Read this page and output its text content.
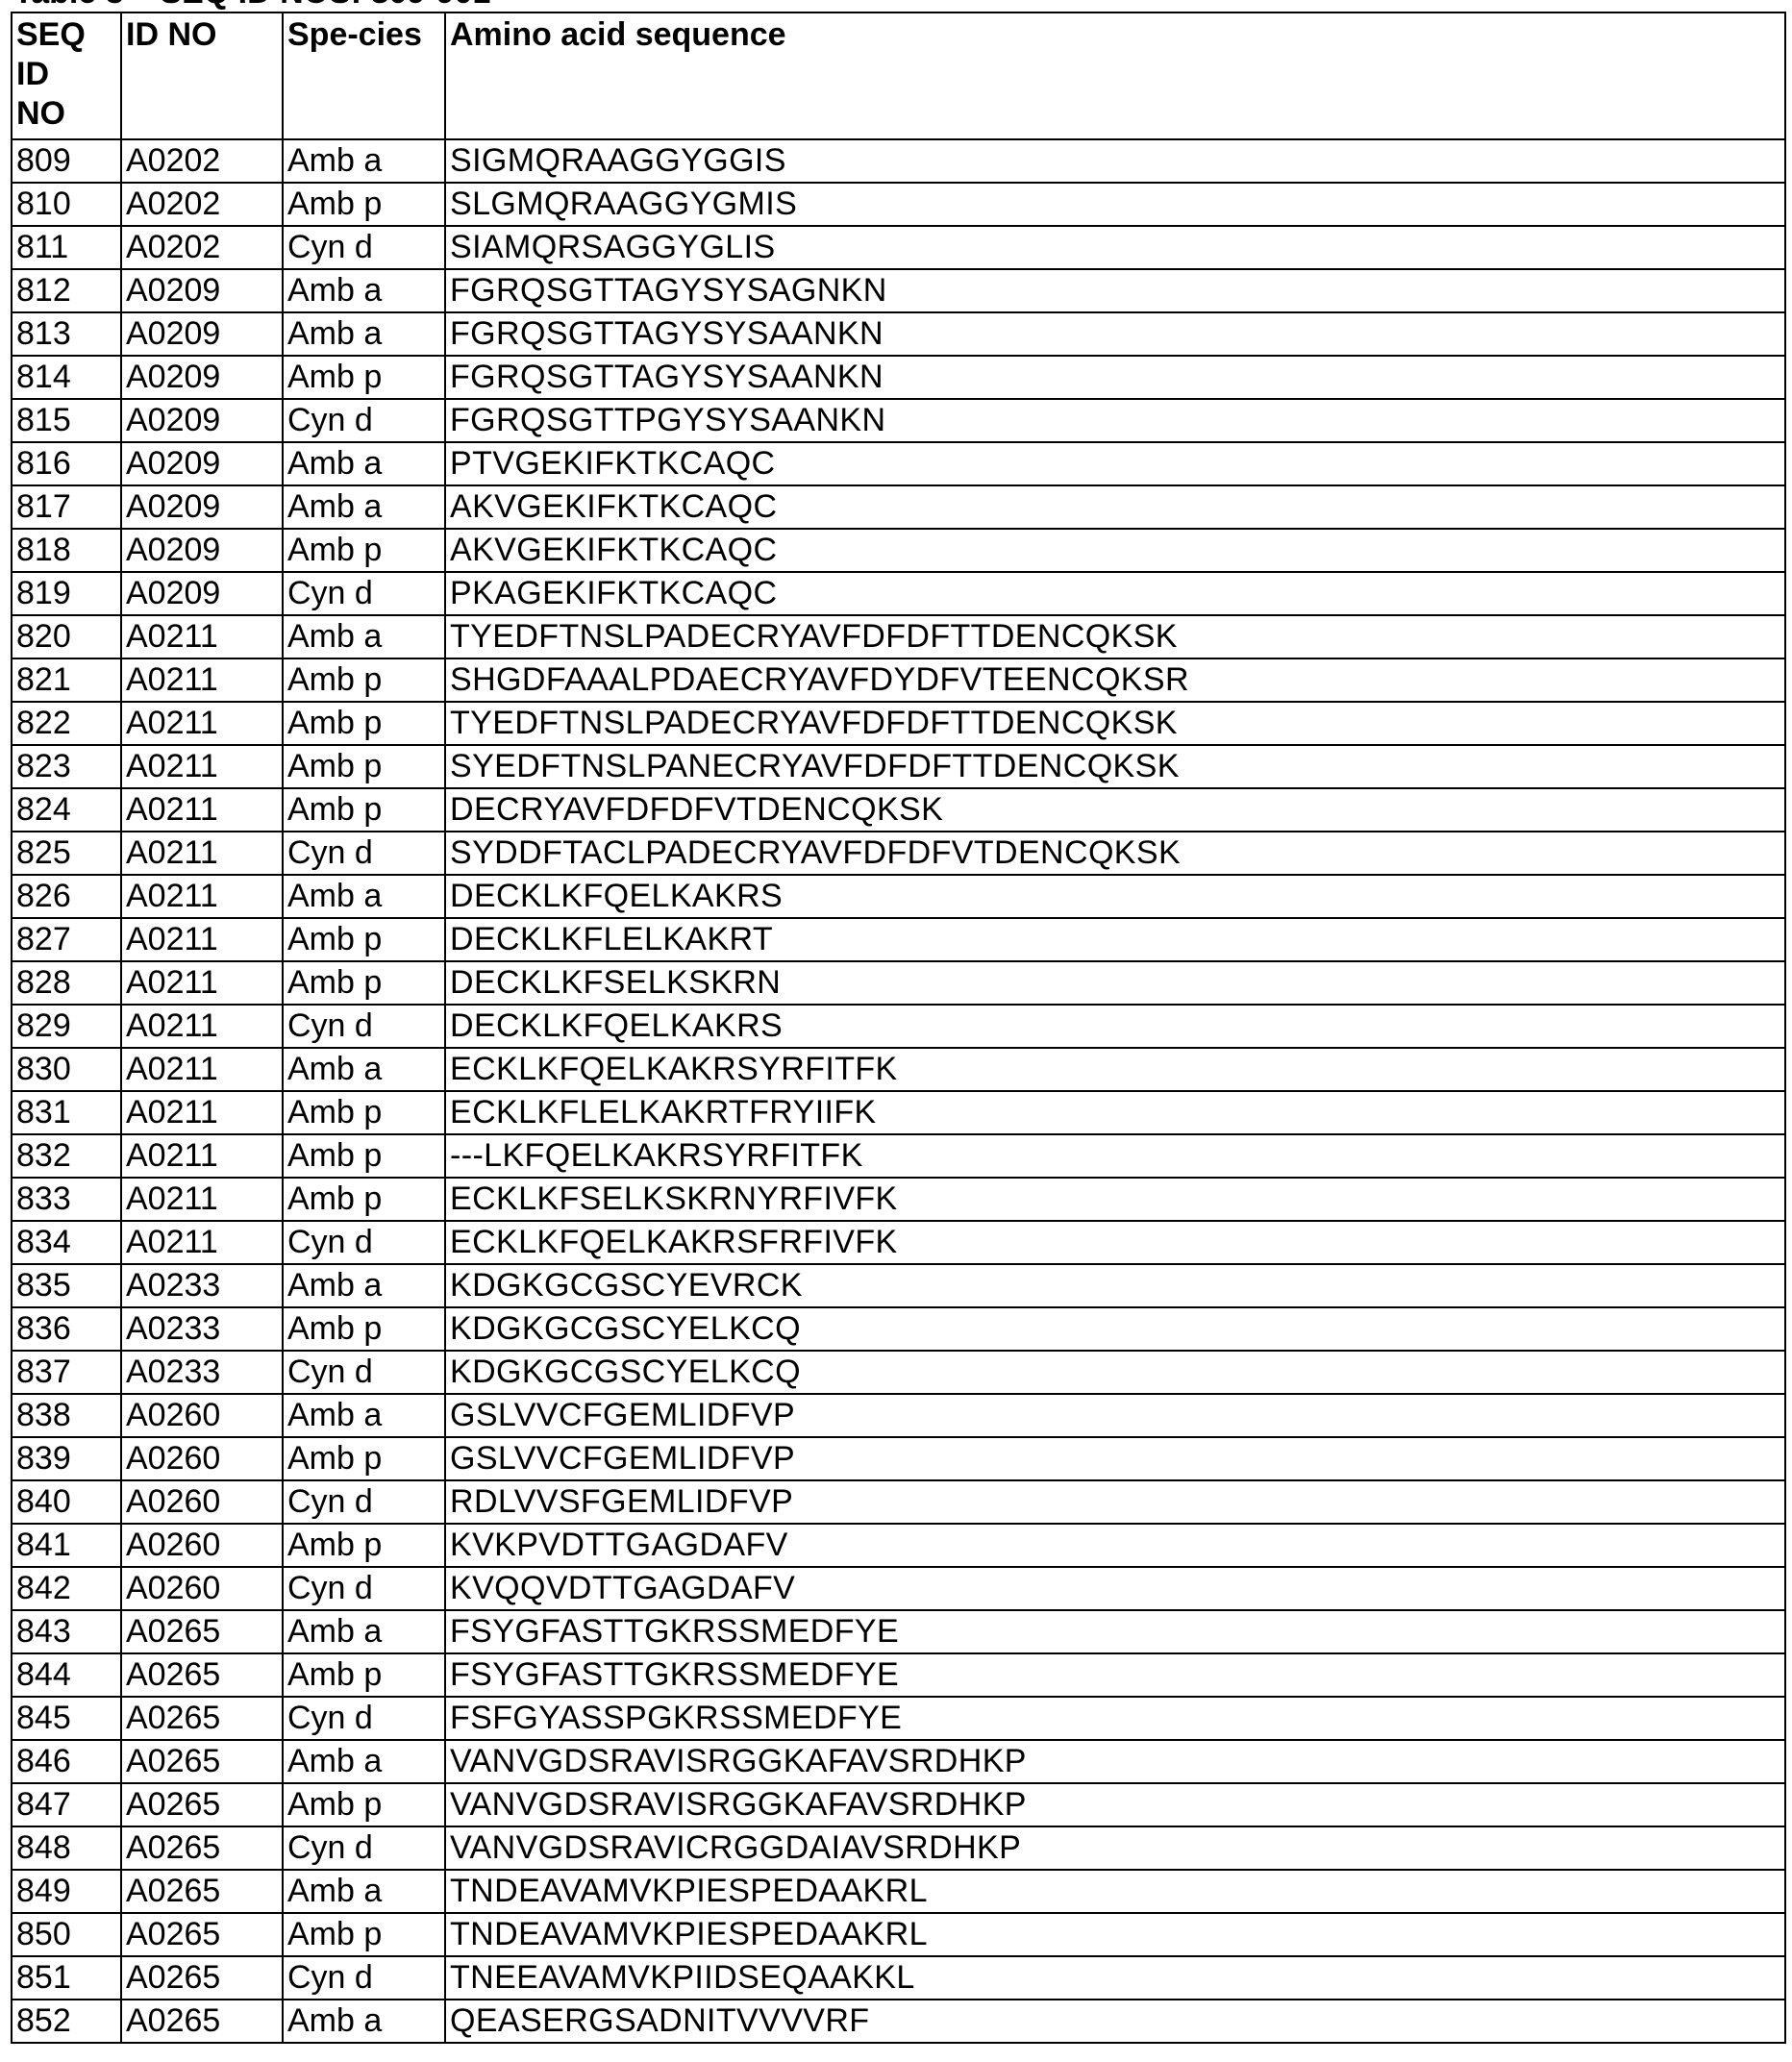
SEQ
ID
NO
	ID NO	Spe-cies	Amino acid sequence
809	A0202	Amb a	SIGMQRAAGGYGGIS
810	A0202	Amb p	SLGMQRAAGGYGMIS
811	A0202	Cyn d	SIAMQRSAGGYGLIS
812	A0209	Amb a	FGRQSGTTAGYSYSAGNKN
813	A0209	Amb a	FGRQSGTTAGYSYSAANKN
814	A0209	Amb p	FGRQSGTTAGYSYSAANKN
815	A0209	Cyn d	FGRQSGTTPGYSYSAANKN
816	A0209	Amb a	PTVGEKIFKTKCAQC
817	A0209	Amb a	AKVGEKIFKTKCAQC
818	A0209	Amb p	AKVGEKIFKTKCAQC
819	A0209	Cyn d	PKAGEKIFKTKCAQC
820	A0211	Amb a	TYEDFTNSLPADECRYAVFDFDFTTDENCQKSK
821	A0211	Amb p	SHGDFAAALPDAECRYAVFDYDFVTEENCQKSR
822	A0211	Amb p	TYEDFTNSLPADECRYAVFDFDFTTDENCQKSK
823	A0211	Amb p	SYEDFTNSLPANECRYAVFDFDFTTDENCQKSK
824	A0211	Amb p	DECRYAVFDFDFVTDENCQKSK
825	A0211	Cyn d	SYDDFTACLPADECRYAVFDFDFVTDENCQKSK
826	A0211	Amb a	DECKLKFQELKAKRS
827	A0211	Amb p	DECKLKFLELKAKRT
828	A0211	Amb p	DECKLKFSELKSKRN
829	A0211	Cyn d	DECKLKFQELKAKRS
830	A0211	Amb a	ECKLKFQELKAKRSYRFITFK
831	A0211	Amb p	ECKLKFLELKAKRTFRYIIFK
832	A0211	Amb p	---LKFQELKAKRSYRFITFK
833	A0211	Amb p	ECKLKFSELKSKRNYRFIVFK
834	A0211	Cyn d	ECKLKFQELKAKRSFRFIVFK
835	A0233	Amb a	KDGKGCGSCYEVRCK
836	A0233	Amb p	KDGKGCGSCYELKCQ
837	A0233	Cyn d	KDGKGCGSCYELKCQ
838	A0260	Amb a	GSLVVCFGEMLIDFVP
839	A0260	Amb p	GSLVVCFGEMLIDFVP
840	A0260	Cyn d	RDLVVSFGEMLIDFVP
841	A0260	Amb p	KVKPVDTTGAGDAFV
842	A0260	Cyn d	KVQQVDTTGAGDAFV
843	A0265	Amb a	FSYGFASTTGKRSSMEDFYE
844	A0265	Amb p	FSYGFASTTGKRSSMEDFYE
845	A0265	Cyn d	FSFGYASSPGKRSSMEDFYE
846	A0265	Amb a	VANVGDSRAVISRGGKAFAVSRDHKP
847	A0265	Amb p	VANVGDSRAVISRGGKAFAVSRDHKP
848	A0265	Cyn d	VANVGDSRAVICRGGDAIAVSRDHKP
849	A0265	Amb a	TNDEAVAMVKPIESPEDAAKRL
850	A0265	Amb p	TNDEAVAMVKPIESPEDAAKRL
851	A0265	Cyn d	TNEEAVAMVKPIIDSEQAAKKL
852	A0265	Amb a	QEASERGSADNITVVVVRF
